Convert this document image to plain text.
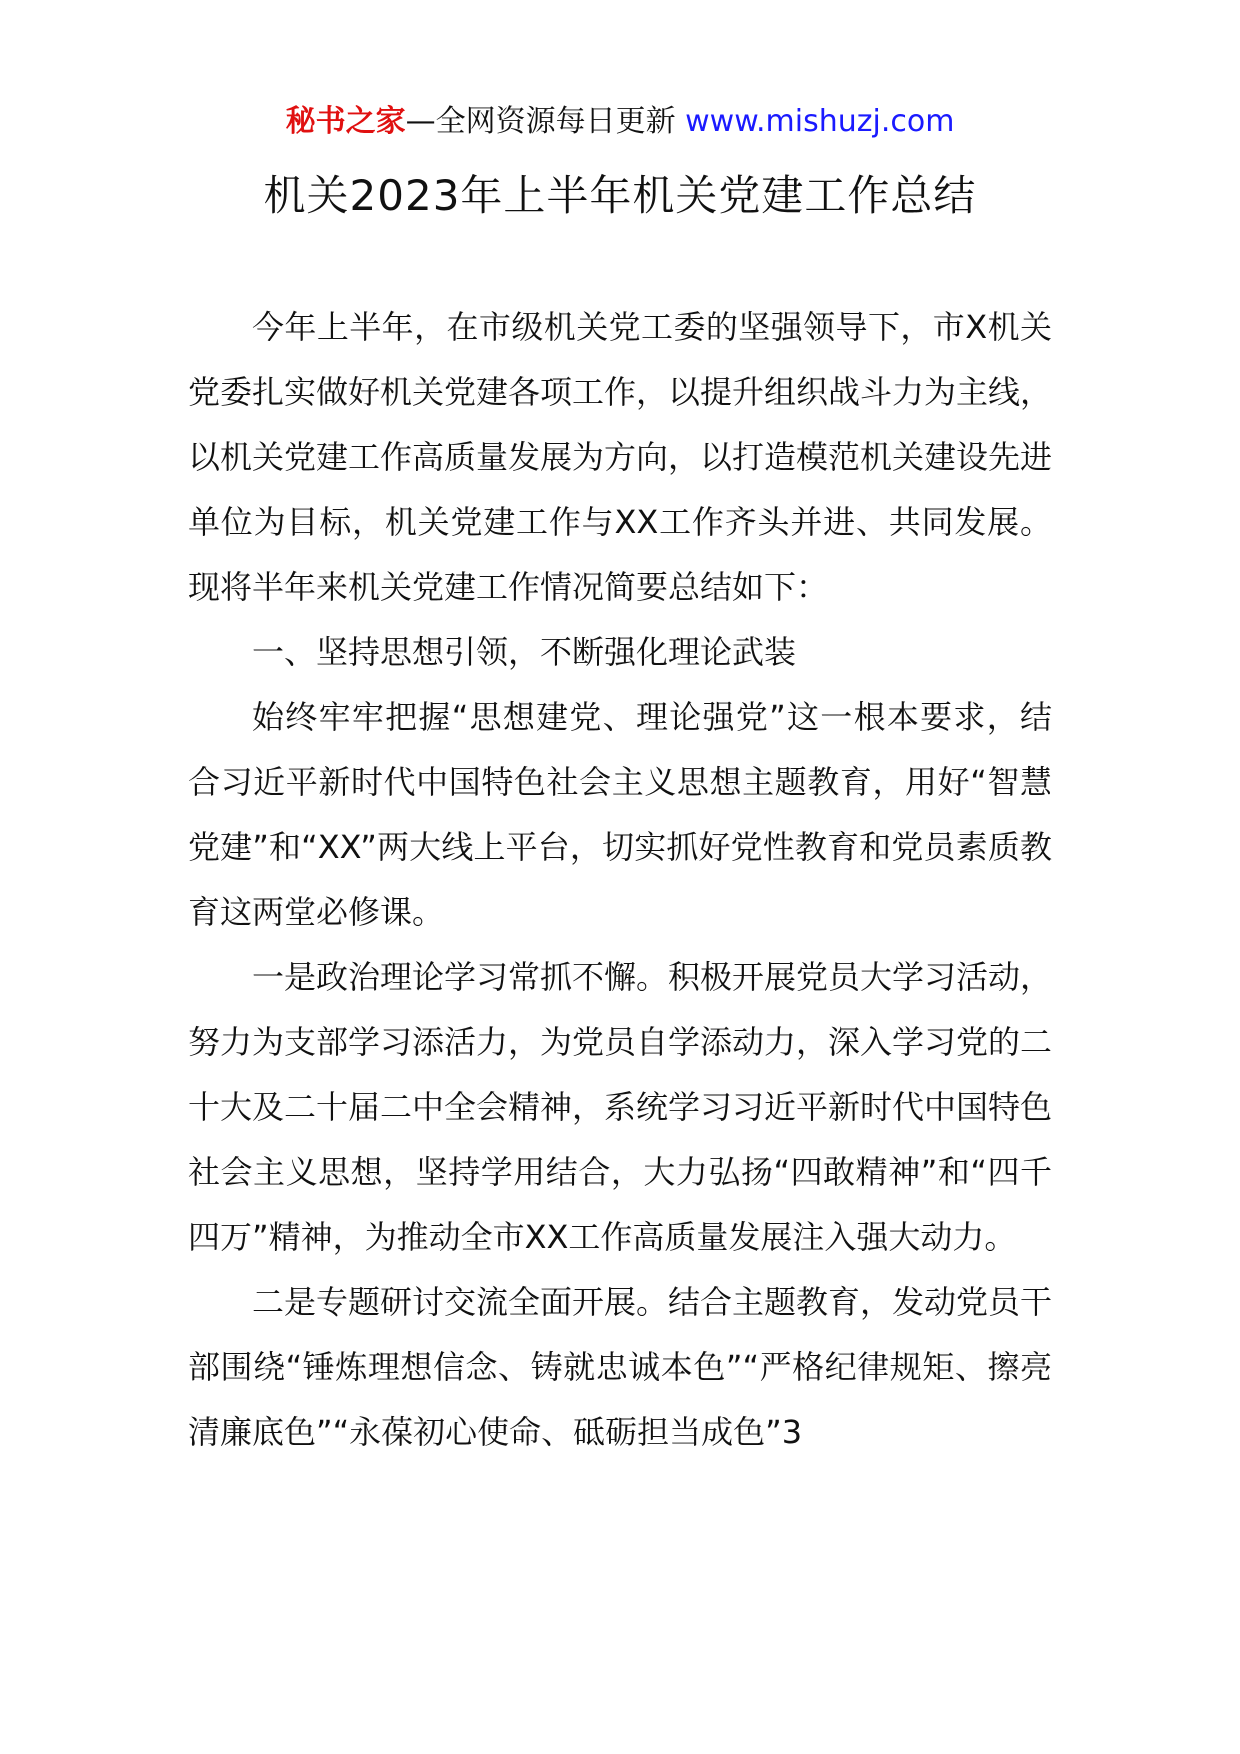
秘书之家—全网资源每日更新 www.mishuzj.com
机关2023年上半年机关党建工作总结

今年上半年，在市级机关党工委的坚强领导下，市X机关党委扎实做好机关党建各项工作，以提升组织战斗力为主线，以机关党建工作高质量发展为方向，以打造模范机关建设先进单位为目标，机关党建工作与XX工作齐头并进、共同发展。现将半年来机关党建工作情况简要总结如下：

一、坚持思想引领，不断强化理论武装

始终牢牢把握“思想建党、理论强党”这一根本要求，结合习近平新时代中国特色社会主义思想主题教育，用好“智慧党建”和“XX”两大线上平台，切实抓好党性教育和党员素质教育这两堂必修课。

一是政治理论学习常抓不懈。积极开展党员大学习活动，努力为支部学习添活力，为党员自学添动力，深入学习党的二十大及二十届二中全会精神，系统学习习近平新时代中国特色社会主义思想，坚持学用结合，大力弘扬“四敢精神”和“四千四万”精神，为推动全市XX工作高质量发展注入强大动力。

二是专题研讨交流全面开展。结合主题教育，发动党员干部围绕“锤炼理想信念、铸就忠诚本色”“严格纪律规矩、擦亮清廉底色”“永葆初心使命、砥砺担当成色”3
